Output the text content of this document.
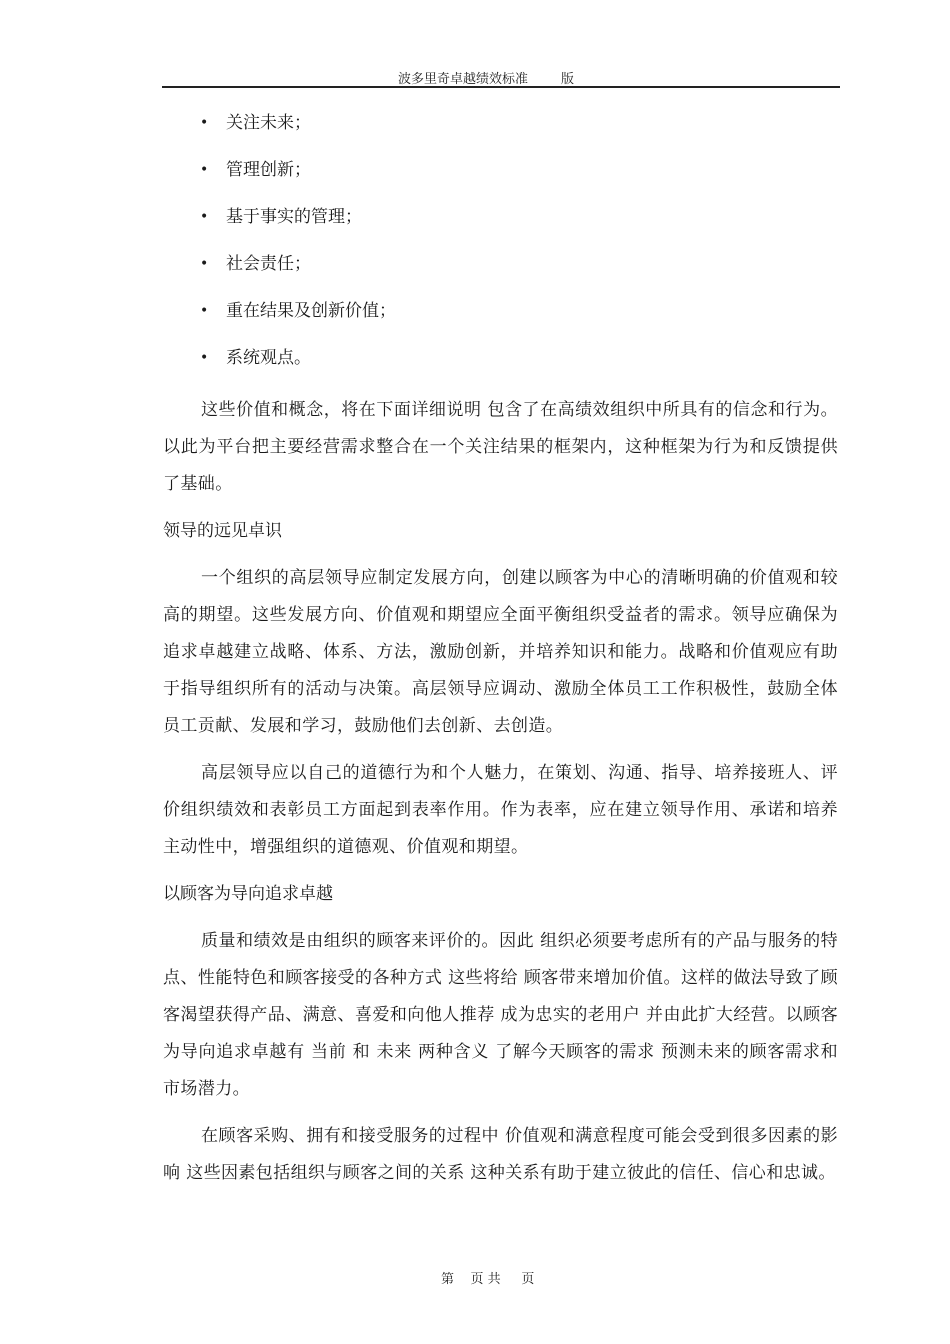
波多里奇卓越绩效标准        版
•	关注未来；
•	管理创新；
•	基于事实的管理；
•	社会责任；
•	重在结果及创新价值；
•	系统观点。

这些价值和概念，将在下面详细说明 包含了在高绩效组织中所具有的信念和行为。以此为平台把主要经营需求整合在一个关注结果的框架内，这种框架为行为和反馈提供了基础。

领导的远见卓识

一个组织的高层领导应制定发展方向，创建以顾客为中心的清晰明确的价值观和较高的期望。这些发展方向、价值观和期望应全面平衡组织受益者的需求。领导应确保为追求卓越建立战略、体系、方法，激励创新，并培养知识和能力。战略和价值观应有助于指导组织所有的活动与决策。高层领导应调动、激励全体员工工作积极性，鼓励全体员工贡献、发展和学习，鼓励他们去创新、去创造。

高层领导应以自己的道德行为和个人魅力，在策划、沟通、指导、培养接班人、评价组织绩效和表彰员工方面起到表率作用。作为表率，应在建立领导作用、承诺和培养主动性中，增强组织的道德观、价值观和期望。

以顾客为导向追求卓越

质量和绩效是由组织的顾客来评价的。因此 组织必须要考虑所有的产品与服务的特点、性能特色和顾客接受的各种方式 这些将给 顾客带来增加价值。这样的做法导致了顾客渴望获得产品、满意、喜爱和向他人推荐 成为忠实的老用户 并由此扩大经营。以顾客为导向追求卓越有 当前 和 未来 两种含义 了解今天顾客的需求 预测未来的顾客需求和市场潜力。

在顾客采购、拥有和接受服务的过程中 价值观和满意程度可能会受到很多因素的影响 这些因素包括组织与顾客之间的关系 这种关系有助于建立彼此的信任、信心和忠诚。

第    页 共     页
